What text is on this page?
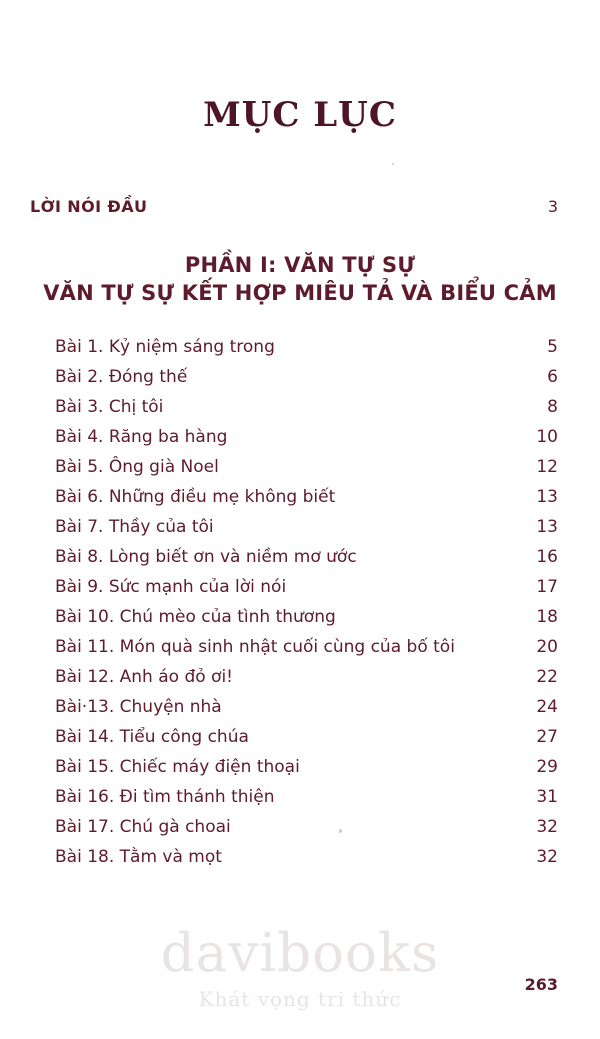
MỤC LỤC
LỜI NÓI ĐẦU	3
PHẦN I: VĂN TỰ SỰ
VĂN TỰ SỰ KẾT HỢP MIÊU TẢ VÀ BIỂU CẢM
Bài 1. Kỷ niệm sáng trong	5
Bài 2. Đóng thế	6
Bài 3. Chị tôi	8
Bài 4. Răng ba hàng	10
Bài 5. Ông già Noel	12
Bài 6. Những điều mẹ không biết	13
Bài 7. Thầy của tôi	13
Bài 8. Lòng biết ơn và niềm mơ ước	16
Bài 9. Sức mạnh của lời nói	17
Bài 10. Chú mèo của tình thương	18
Bài 11. Món quà sinh nhật cuối cùng của bố tôi	20
Bài 12. Anh áo đỏ ơi!	22
Bài·13. Chuyện nhà	24
Bài 14. Tiểu công chúa	27
Bài 15. Chiếc máy điện thoại	29
Bài 16. Đi tìm thánh thiện	31
Bài 17. Chú gà choai	32
Bài 18. Tằm và mọt	32
davibooks
Khát vọng tri thức
263
